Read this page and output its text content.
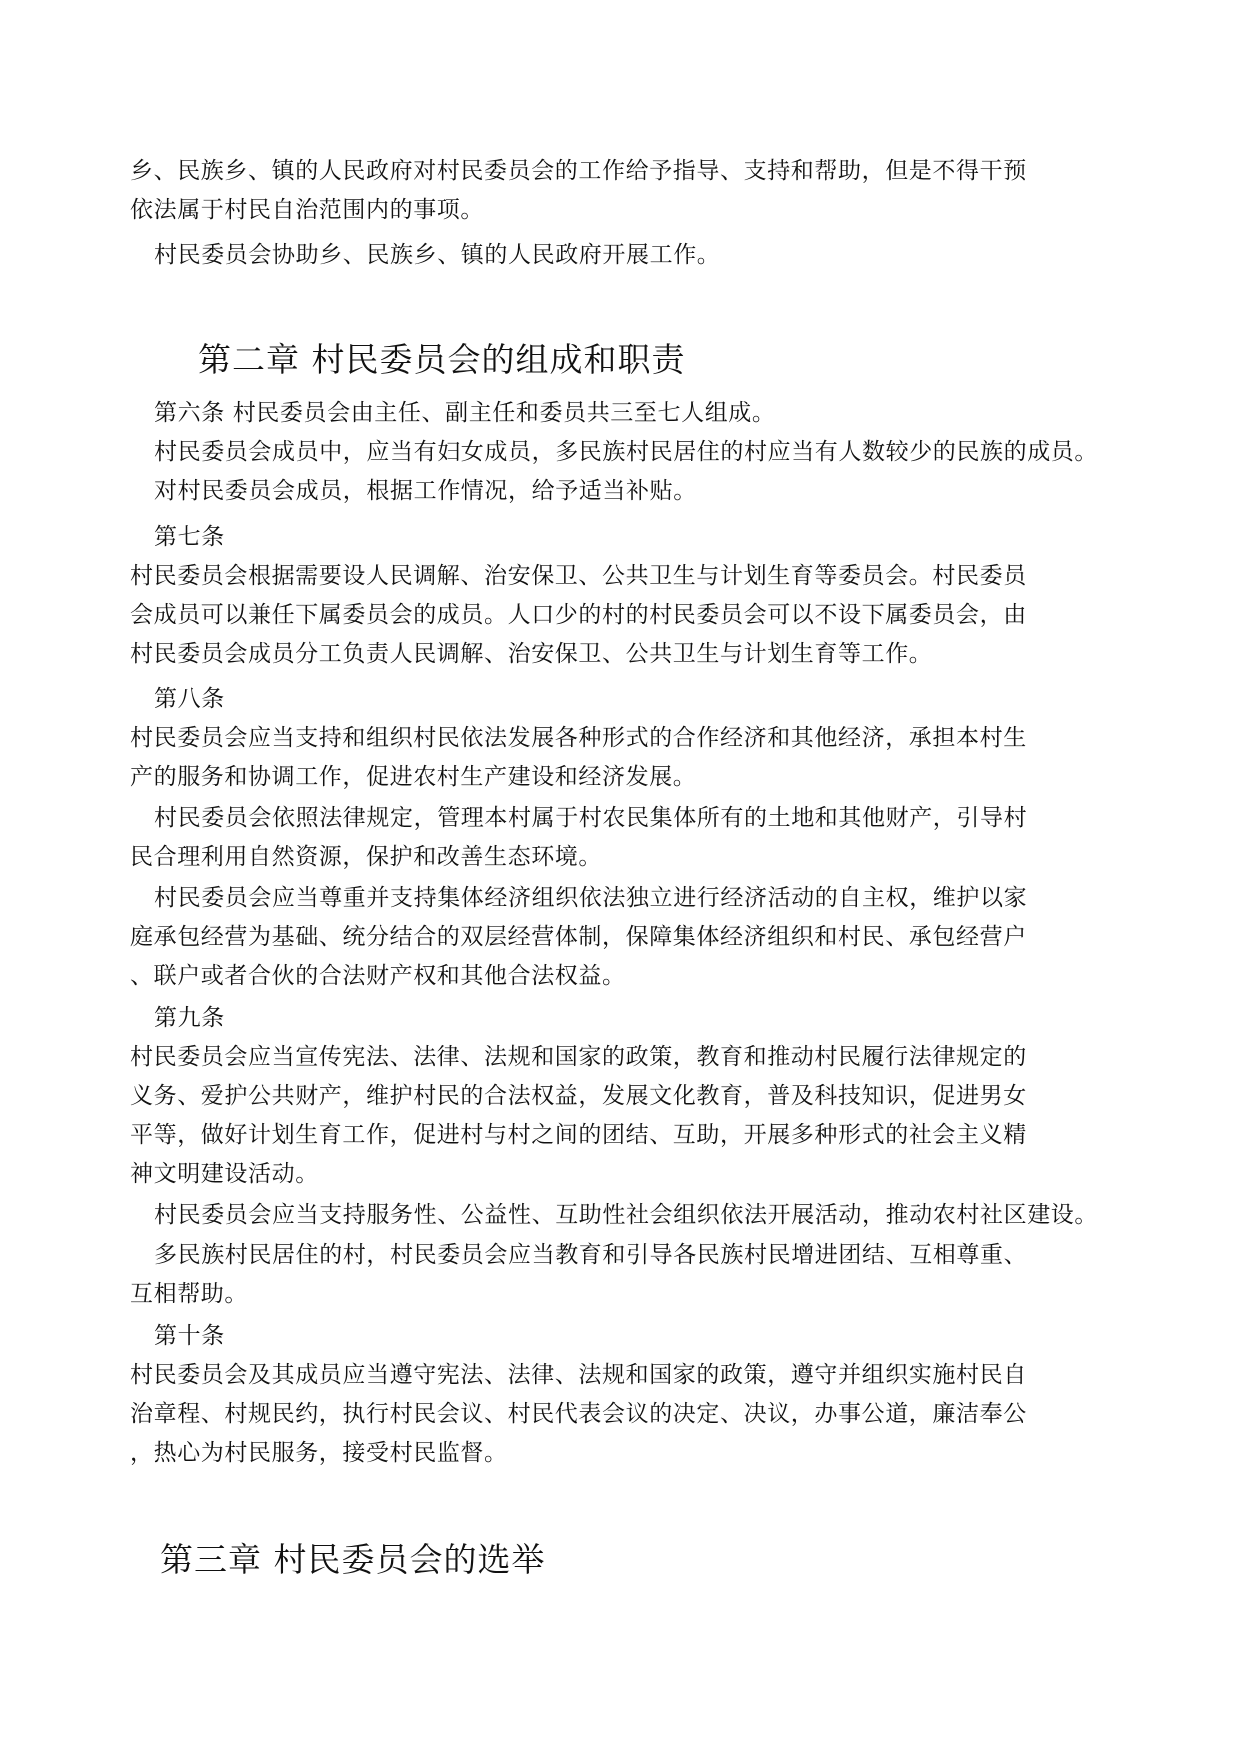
乡、民族乡、镇的人民政府对村民委员会的工作给予指导、支持和帮助，但是不得干预

依法属于村民自治范围内的事项。

村民委员会协助乡、民族乡、镇的人民政府开展工作。

第二章 村民委员会的组成和职责

第六条 村民委员会由主任、副主任和委员共三至七人组成。

村民委员会成员中，应当有妇女成员，多民族村民居住的村应当有人数较少的民族的成员。

对村民委员会成员，根据工作情况，给予适当补贴。

第七条

村民委员会根据需要设人民调解、治安保卫、公共卫生与计划生育等委员会。村民委员

会成员可以兼任下属委员会的成员。人口少的村的村民委员会可以不设下属委员会，由

村民委员会成员分工负责人民调解、治安保卫、公共卫生与计划生育等工作。

第八条

村民委员会应当支持和组织村民依法发展各种形式的合作经济和其他经济，承担本村生

产的服务和协调工作，促进农村生产建设和经济发展。

村民委员会依照法律规定，管理本村属于村农民集体所有的土地和其他财产，引导村

民合理利用自然资源，保护和改善生态环境。

村民委员会应当尊重并支持集体经济组织依法独立进行经济活动的自主权，维护以家

庭承包经营为基础、统分结合的双层经营体制，保障集体经济组织和村民、承包经营户

、联户或者合伙的合法财产权和其他合法权益。

第九条

村民委员会应当宣传宪法、法律、法规和国家的政策，教育和推动村民履行法律规定的

义务、爱护公共财产，维护村民的合法权益，发展文化教育，普及科技知识，促进男女

平等，做好计划生育工作，促进村与村之间的团结、互助，开展多种形式的社会主义精

神文明建设活动。

村民委员会应当支持服务性、公益性、互助性社会组织依法开展活动，推动农村社区建设。

多民族村民居住的村，村民委员会应当教育和引导各民族村民增进团结、互相尊重、

互相帮助。

第十条

村民委员会及其成员应当遵守宪法、法律、法规和国家的政策，遵守并组织实施村民自

治章程、村规民约，执行村民会议、村民代表会议的决定、决议，办事公道，廉洁奉公

，热心为村民服务，接受村民监督。

第三章 村民委员会的选举
